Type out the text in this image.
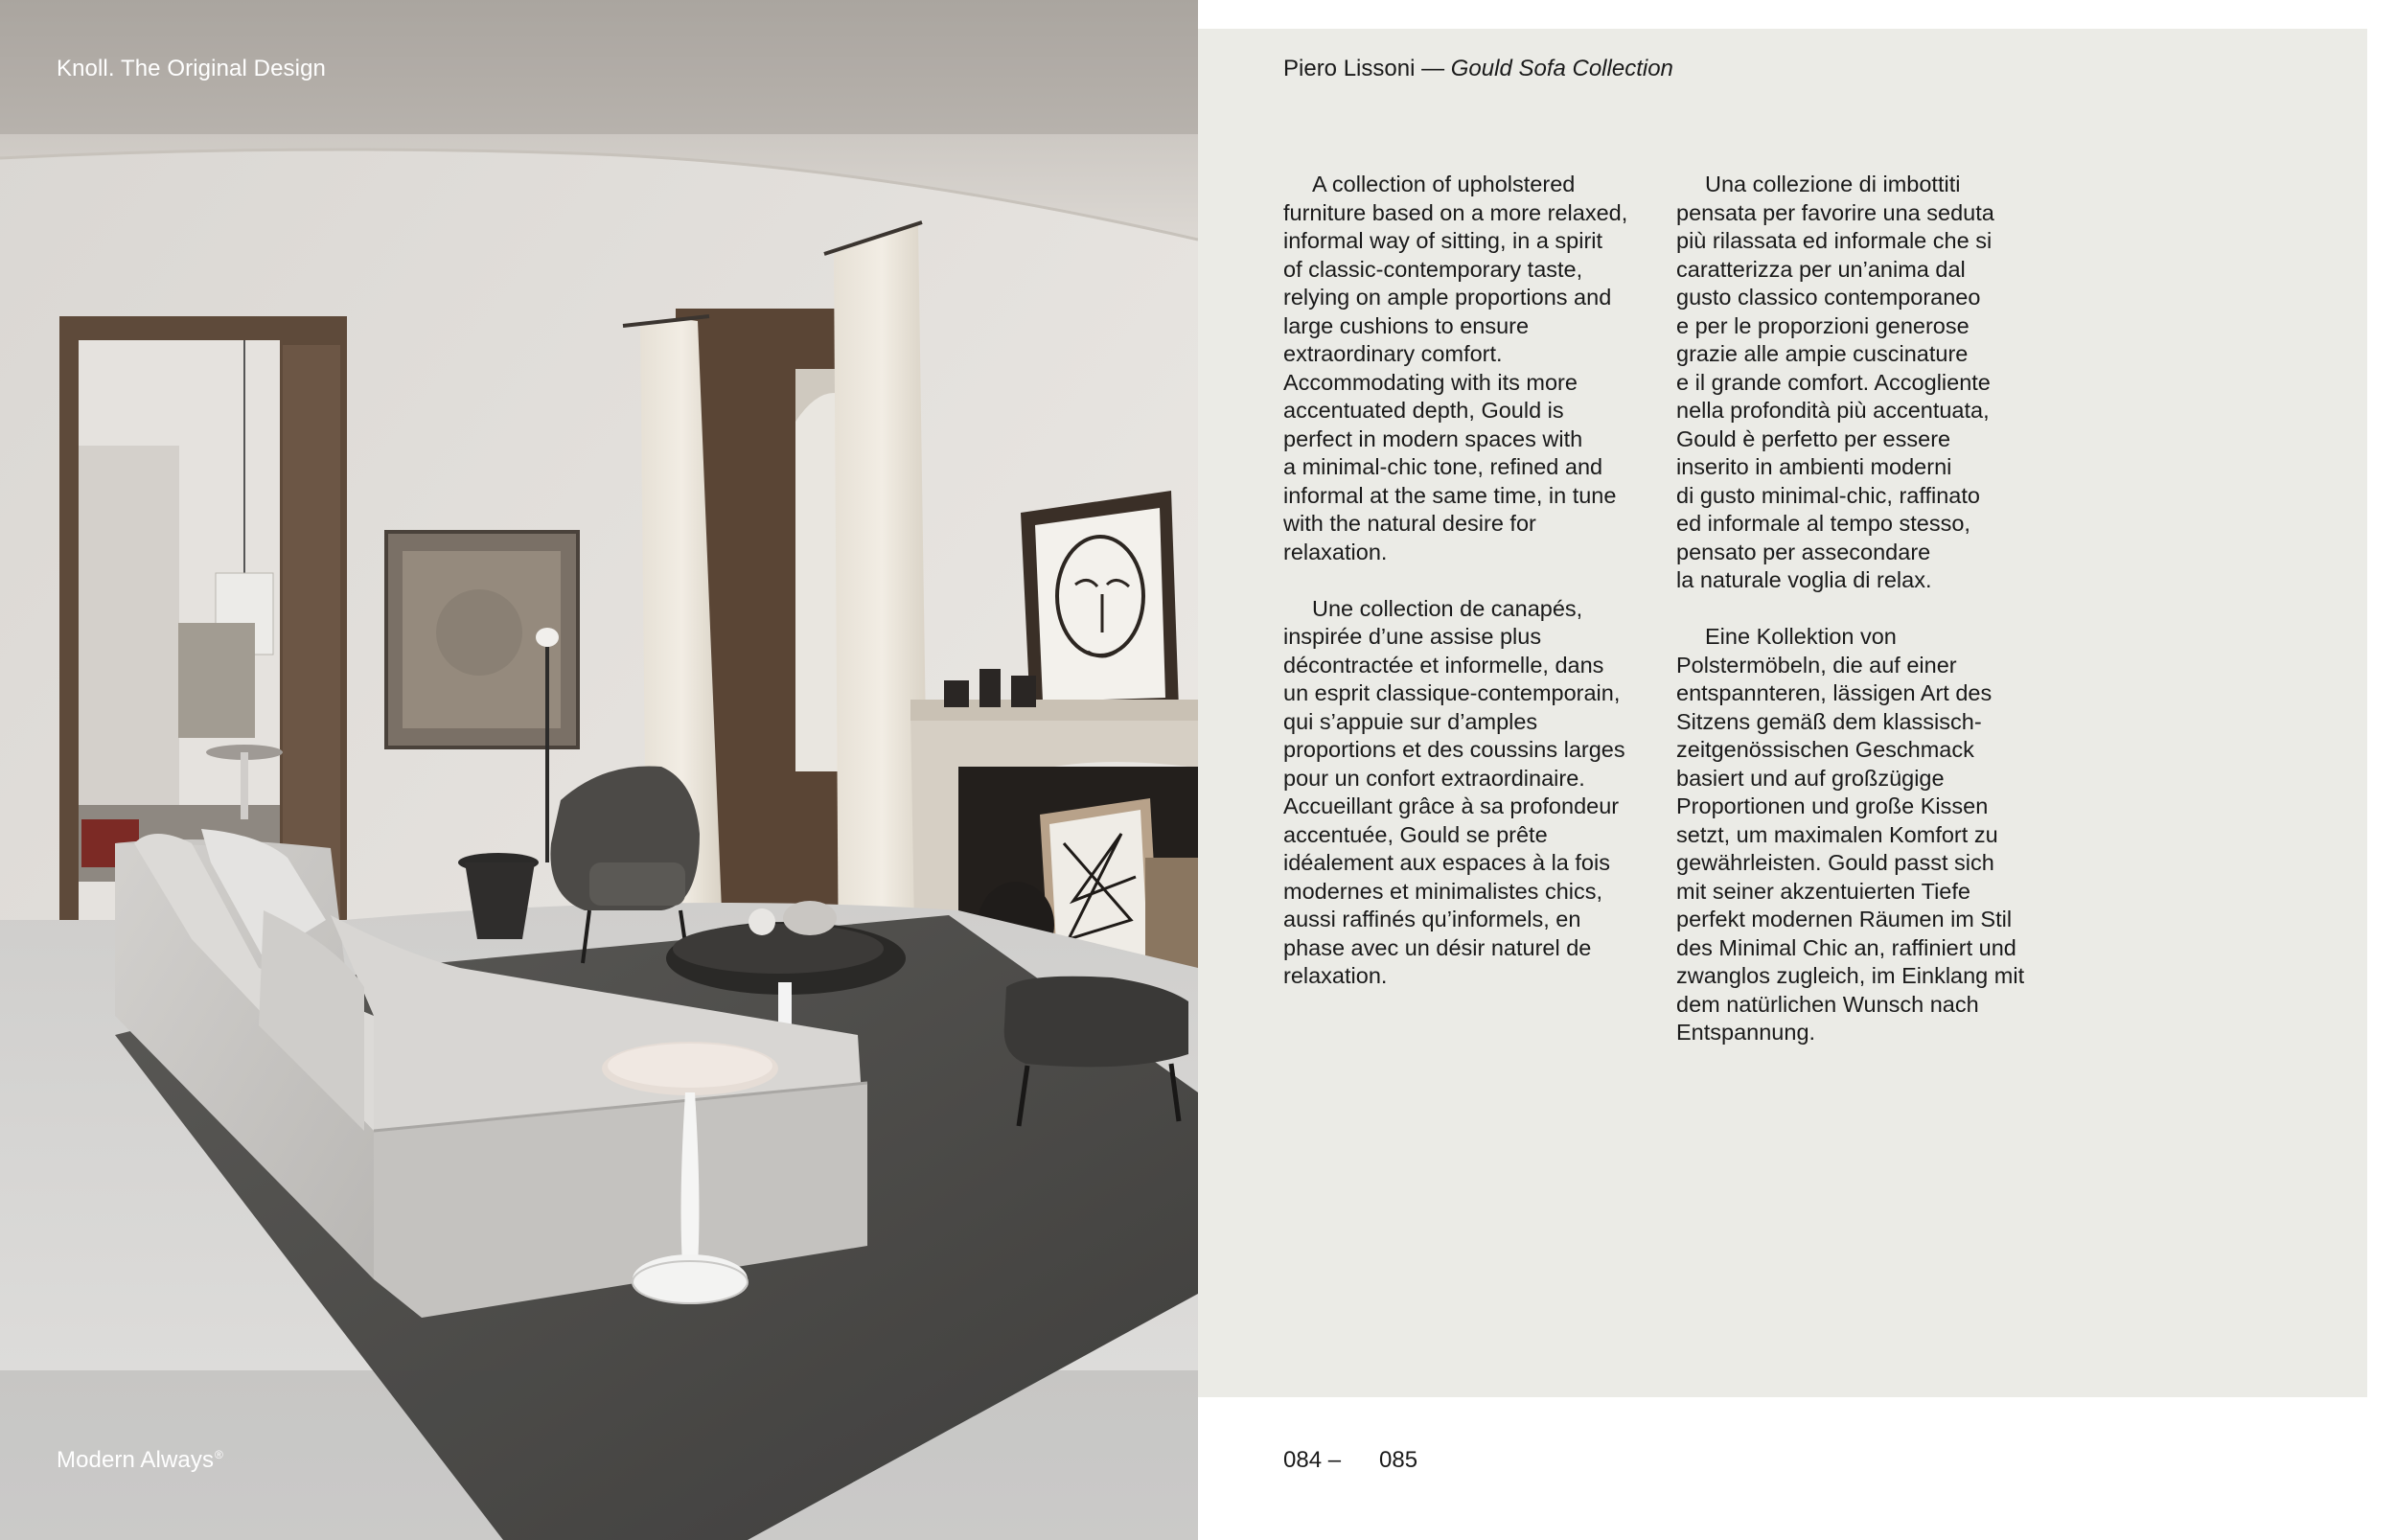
Knoll. The Original Design
Modern Always®
Piero Lissoni — Gould Sofa Collection

A collection of upholstered
furniture based on a more relaxed,
informal way of sitting, in a spirit
of classic-contemporary taste,
relying on ample proportions and
large cushions to ensure
extraordinary comfort.
Accommodating with its more
accentuated depth, Gould is
perfect in modern spaces with
a minimal-chic tone, refined and
informal at the same time, in tune
with the natural desire for
relaxation.

Une collection de canapés,
inspirée d’une assise plus
décontractée et informelle, dans
un esprit classique-contemporain,
qui s’appuie sur d’amples
proportions et des coussins larges
pour un confort extraordinaire.
Accueillant grâce à sa profondeur
accentuée, Gould se prête
idéalement aux espaces à la fois
modernes et minimalistes chics,
aussi raffinés qu’informels, en
phase avec un désir naturel de
relaxation.

Una collezione di imbottiti
pensata per favorire una seduta
più rilassata ed informale che si
caratterizza per un’anima dal
gusto classico contemporaneo
e per le proporzioni generose
grazie alle ampie cuscinature
e il grande comfort. Accogliente
nella profondità più accentuata,
Gould è perfetto per essere
inserito in ambienti moderni
di gusto minimal-chic, raffinato
ed informale al tempo stesso,
pensato per assecondare
la naturale voglia di relax.

Eine Kollektion von
Polstermöbeln, die auf einer
entspannteren, lässigen Art des
Sitzens gemäß dem klassisch-
zeitgenössischen Geschmack
basiert und auf großzügige
Proportionen und große Kissen
setzt, um maximalen Komfort zu
gewährleisten. Gould passt sich
mit seiner akzentuierten Tiefe
perfekt modernen Räumen im Stil
des Minimal Chic an, raffiniert und
zwanglos zugleich, im Einklang mit
dem natürlichen Wunsch nach
Entspannung.

084 – 085
